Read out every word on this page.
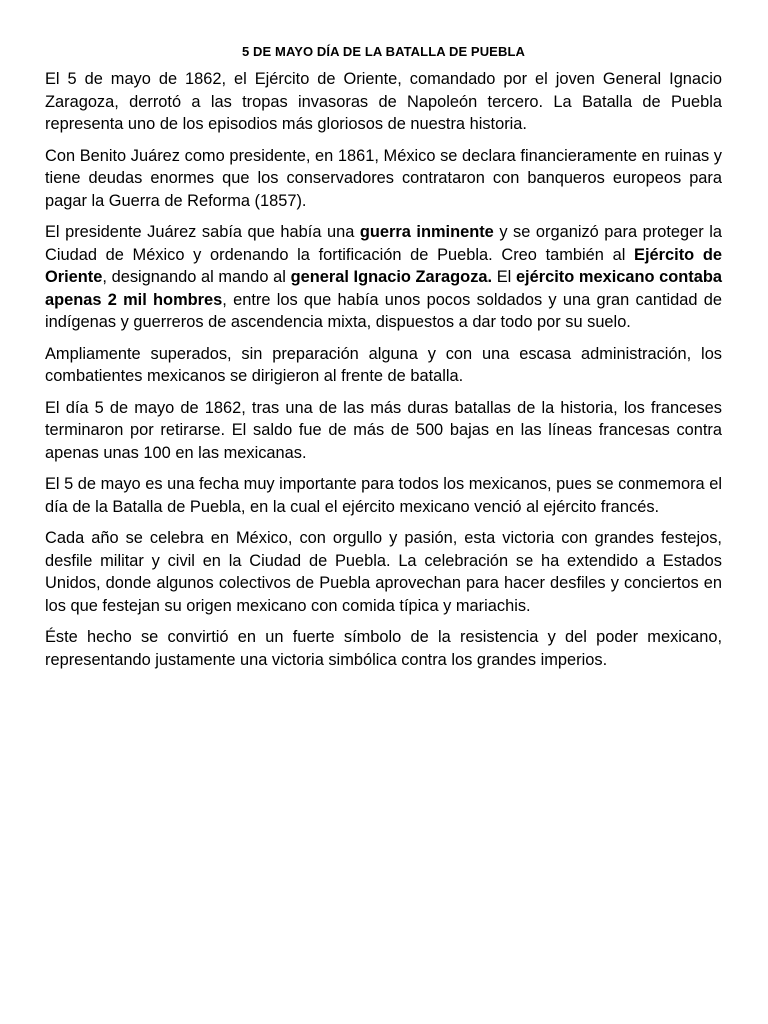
5 DE MAYO DÍA DE LA BATALLA DE PUEBLA

El 5 de mayo de 1862, el Ejército de Oriente, comandado por el joven General Ignacio Zaragoza, derrotó a las tropas invasoras de Napoleón tercero. La Batalla de Puebla representa uno de los episodios más gloriosos de nuestra historia.

Con Benito Juárez como presidente, en 1861, México se declara financieramente en ruinas y tiene deudas enormes que los conservadores contrataron con banqueros europeos para pagar la Guerra de Reforma (1857).

El presidente Juárez sabía que había una guerra inminente y se organizó para proteger la Ciudad de México y ordenando la fortificación de Puebla. Creo también al Ejército de Oriente, designando al mando al general Ignacio Zaragoza. El ejército mexicano contaba apenas 2 mil hombres, entre los que había unos pocos soldados y una gran cantidad de indígenas y guerreros de ascendencia mixta, dispuestos a dar todo por su suelo.

Ampliamente superados, sin preparación alguna y con una escasa administración, los combatientes mexicanos se dirigieron al frente de batalla.

El día 5 de mayo de 1862, tras una de las más duras batallas de la historia, los franceses terminaron por retirarse. El saldo fue de más de 500 bajas en las líneas francesas contra apenas unas 100 en las mexicanas.

El 5 de mayo es una fecha muy importante para todos los mexicanos, pues se conmemora el día de la Batalla de Puebla, en la cual el ejército mexicano venció al ejército francés.

Cada año se celebra en México, con orgullo y pasión, esta victoria con grandes festejos, desfile militar y civil en la Ciudad de Puebla. La celebración se ha extendido a Estados Unidos, donde algunos colectivos de Puebla aprovechan para hacer desfiles y conciertos en los que festejan su origen mexicano con comida típica y mariachis.

Éste hecho se convirtió en un fuerte símbolo de la resistencia y del poder mexicano, representando justamente una victoria simbólica contra los grandes imperios.
